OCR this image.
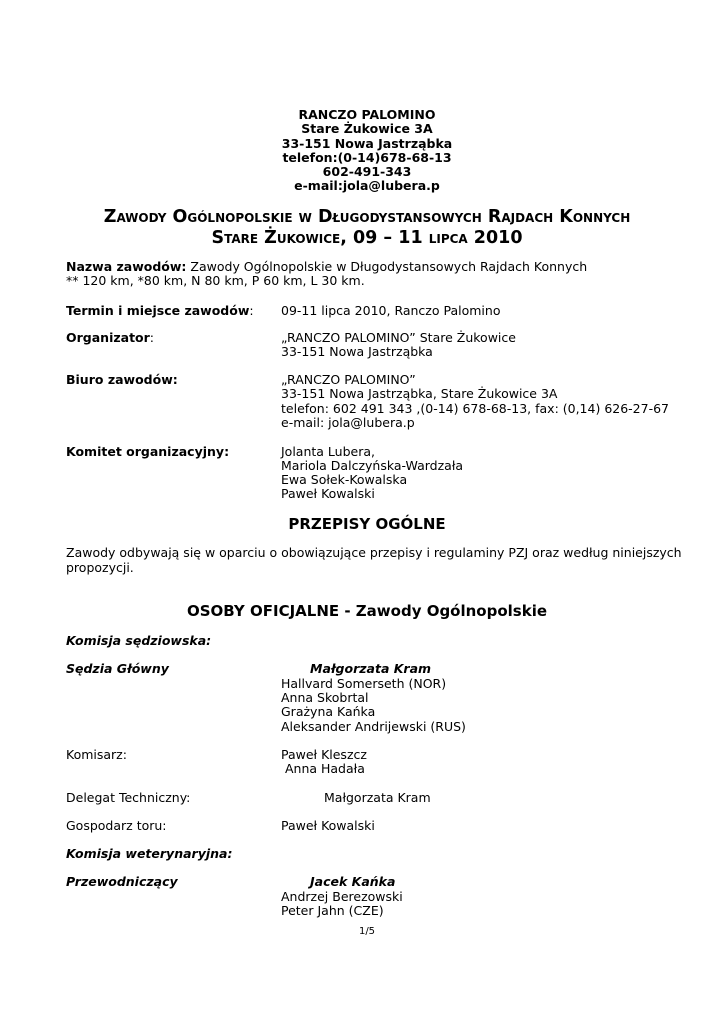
RANCZO PALOMINO
Stare Żukowice 3A
33-151 Nowa Jastrząbka
telefon:(0-14)678-68-13
602-491-343
e-mail:jola@lubera.p
Zawody Ogólnopolskie w Długodystansowych Rajdach Konnych
Stare Żukowice, 09 – 11 lipca 2010
Nazwa zawodów: Zawody Ogólnopolskie w Długodystansowych Rajdach Konnych
** 120 km, *80 km, N 80 km, P 60 km, L 30 km.
Termin i miejsce zawodów: 09-11 lipca 2010, Ranczo Palomino
Organizator:	„RANCZO PALOMINO” Stare Żukowice
33-151 Nowa Jastrząbka
Biuro zawodów:	„RANCZO PALOMINO”
33-151 Nowa Jastrząbka, Stare Żukowice 3A
telefon: 602 491 343 ,(0-14) 678-68-13, fax: (0,14) 626-27-67
e-mail: jola@lubera.p
Komitet organizacyjny:	Jolanta Lubera,
Mariola Dalczyńska-Wardzała
Ewa Sołek-Kowalska
Paweł Kowalski
PRZEPISY OGÓLNE
Zawody odbywają się w oparciu o obowiązujące przepisy i regulaminy PZJ oraz według niniejszych
propozycji.
OSOBY OFICJALNE - Zawody Ogólnopolskie
Komisja sędziowska:
Sędzia Główny	Małgorzata Kram
Hallvard Somerseth (NOR)
Anna Skobrtal
Grażyna Kańka
Aleksander Andrijewski (RUS)
Komisarz:	Paweł Kleszcz
Anna Hadała
Delegat Techniczny:	Małgorzata Kram
Gospodarz toru:	Paweł Kowalski
Komisja weterynaryjna:
Przewodniczący	Jacek Kańka
Andrzej Berezowski
Peter Jahn (CZE)
1/5
